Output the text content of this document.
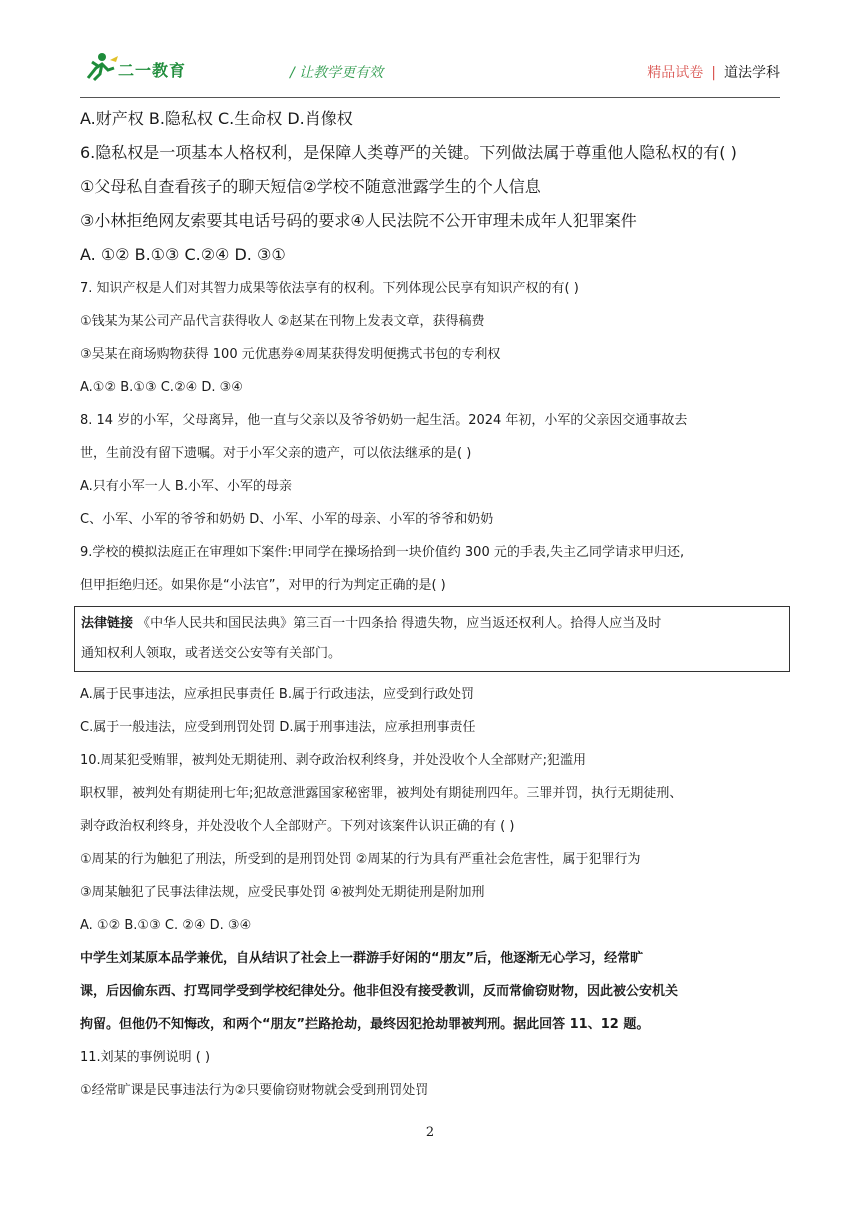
二一教育	/ 让教学更有效	精品试卷 | 道法学科
A.财产权 B.隐私权 C.生命权 D.肖像权
6.隐私权是一项基本人格权利，是保障人类尊严的关键。下列做法属于尊重他人隐私权的有( )
①父母私自查看孩子的聊天短信②学校不随意泄露学生的个人信息
③小林拒绝网友索要其电话号码的要求④人民法院不公开审理未成年人犯罪案件
A. ①② B.①③ C.②④ D. ③①
7. 知识产权是人们对其智力成果等依法享有的权利。下列体现公民享有知识产权的有( )
①钱某为某公司产品代言获得收人 ②赵某在刊物上发表文章，获得稿费
③吴某在商场购物获得 100 元优惠券④周某获得发明便携式书包的专利权
A.①② B.①③ C.②④ D. ③④
8. 14 岁的小军，父母离异，他一直与父亲以及爷爷奶奶一起生活。2024 年初，小军的父亲因交通事故去
世，生前没有留下遗嘱。对于小军父亲的遗产，可以依法继承的是( )
A.只有小军一人 B.小军、小军的母亲
C、小军、小军的爷爷和奶奶 D、小军、小军的母亲、小军的爷爷和奶奶
9.学校的模拟法庭正在审理如下案件:甲同学在操场拾到一块价值约 300 元的手表,失主乙同学请求甲归还,
但甲拒绝归还。如果你是“小法官”，对甲的行为判定正确的是( )
法律链接 《中华人民共和国民法典》第三百一十四条拾 得遗失物，应当返还权利人。拾得人应当及时
通知权利人领取，或者送交公安等有关部门。
A.属于民事违法，应承担民事责任 B.属于行政违法，应受到行政处罚
C.属于一般违法，应受到刑罚处罚 D.属于刑事违法，应承担刑事责任
10.周某犯受贿罪，被判处无期徒刑、剥夺政治权利终身，并处没收个人全部财产;犯滥用
职权罪，被判处有期徒刑七年;犯故意泄露国家秘密罪，被判处有期徒刑四年。三罪并罚，执行无期徒刑、
剥夺政治权利终身，并处没收个人全部财产。下列对该案件认识正确的有 ( )
①周某的行为触犯了刑法，所受到的是刑罚处罚 ②周某的行为具有严重社会危害性，属于犯罪行为
③周某触犯了民事法律法规，应受民事处罚 ④被判处无期徒刑是附加刑
A. ①② B.①③ C. ②④ D. ③④
中学生刘某原本品学兼优，自从结识了社会上一群游手好闲的“朋友”后，他逐渐无心学习，经常旷
课，后因偷东西、打骂同学受到学校纪律处分。他非但没有接受教训，反而常偷窃财物，因此被公安机关
拘留。但他仍不知悔改，和两个“朋友”拦路抢劫，最终因犯抢劫罪被判刑。据此回答 11、12 题。
11.刘某的事例说明 ( )
①经常旷课是民事违法行为②只要偷窃财物就会受到刑罚处罚
2
